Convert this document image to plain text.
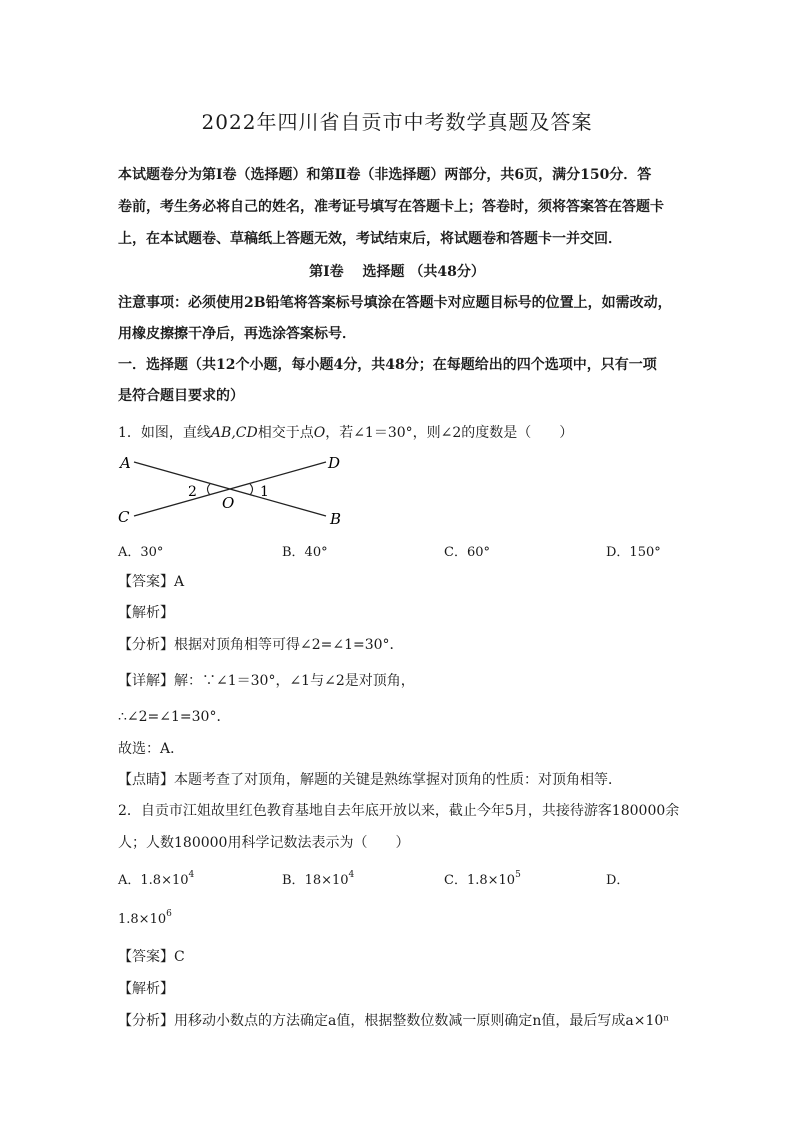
2022年四川省自贡市中考数学真题及答案
本试题卷分为第Ⅰ卷（选择题）和第Ⅱ卷（非选择题）两部分，共6页，满分150分．答
卷前，考生务必将自己的姓名，准考证号填写在答题卡上；答卷时，须将答案答在答题卡
上，在本试题卷、草稿纸上答题无效，考试结束后，将试题卷和答题卡一并交回．
第Ⅰ卷　 选择题 （共48分）
注意事项：必须使用2B铅笔将答案标号填涂在答题卡对应题目标号的位置上，如需改动，
用橡皮擦擦干净后，再选涂答案标号．
一．选择题（共12个小题，每小题4分，共48分；在每题给出的四个选项中，只有一项
是符合题目要求的）
1．如图，直线AB,CD相交于点O，若∠1＝30°，则∠2的度数是（　　）
A
B
C
D
O
1
2
A．30°	B．40°	C．60°	D．150°
【答案】A
【解析】
【分析】根据对顶角相等可得∠2=∠1=30°．
【详解】解：∵∠1＝30°，∠1与∠2是对顶角，
∴∠2=∠1=30°．
故选：A．
【点睛】本题考查了对顶角，解题的关键是熟练掌握对顶角的性质：对顶角相等．
2．自贡市江姐故里红色教育基地自去年底开放以来，截止今年5月，共接待游客180000余
人；人数180000用科学记数法表示为（　　）
A．$1.8\times 10^4$	B．$18\times 10^4$	C．$1.8\times 10^5$	D．
$1.8\times 10^6$
【答案】C
【解析】
【分析】用移动小数点的方法确定a值，根据整数位数减一原则确定n值，最后写成a×10ⁿ
